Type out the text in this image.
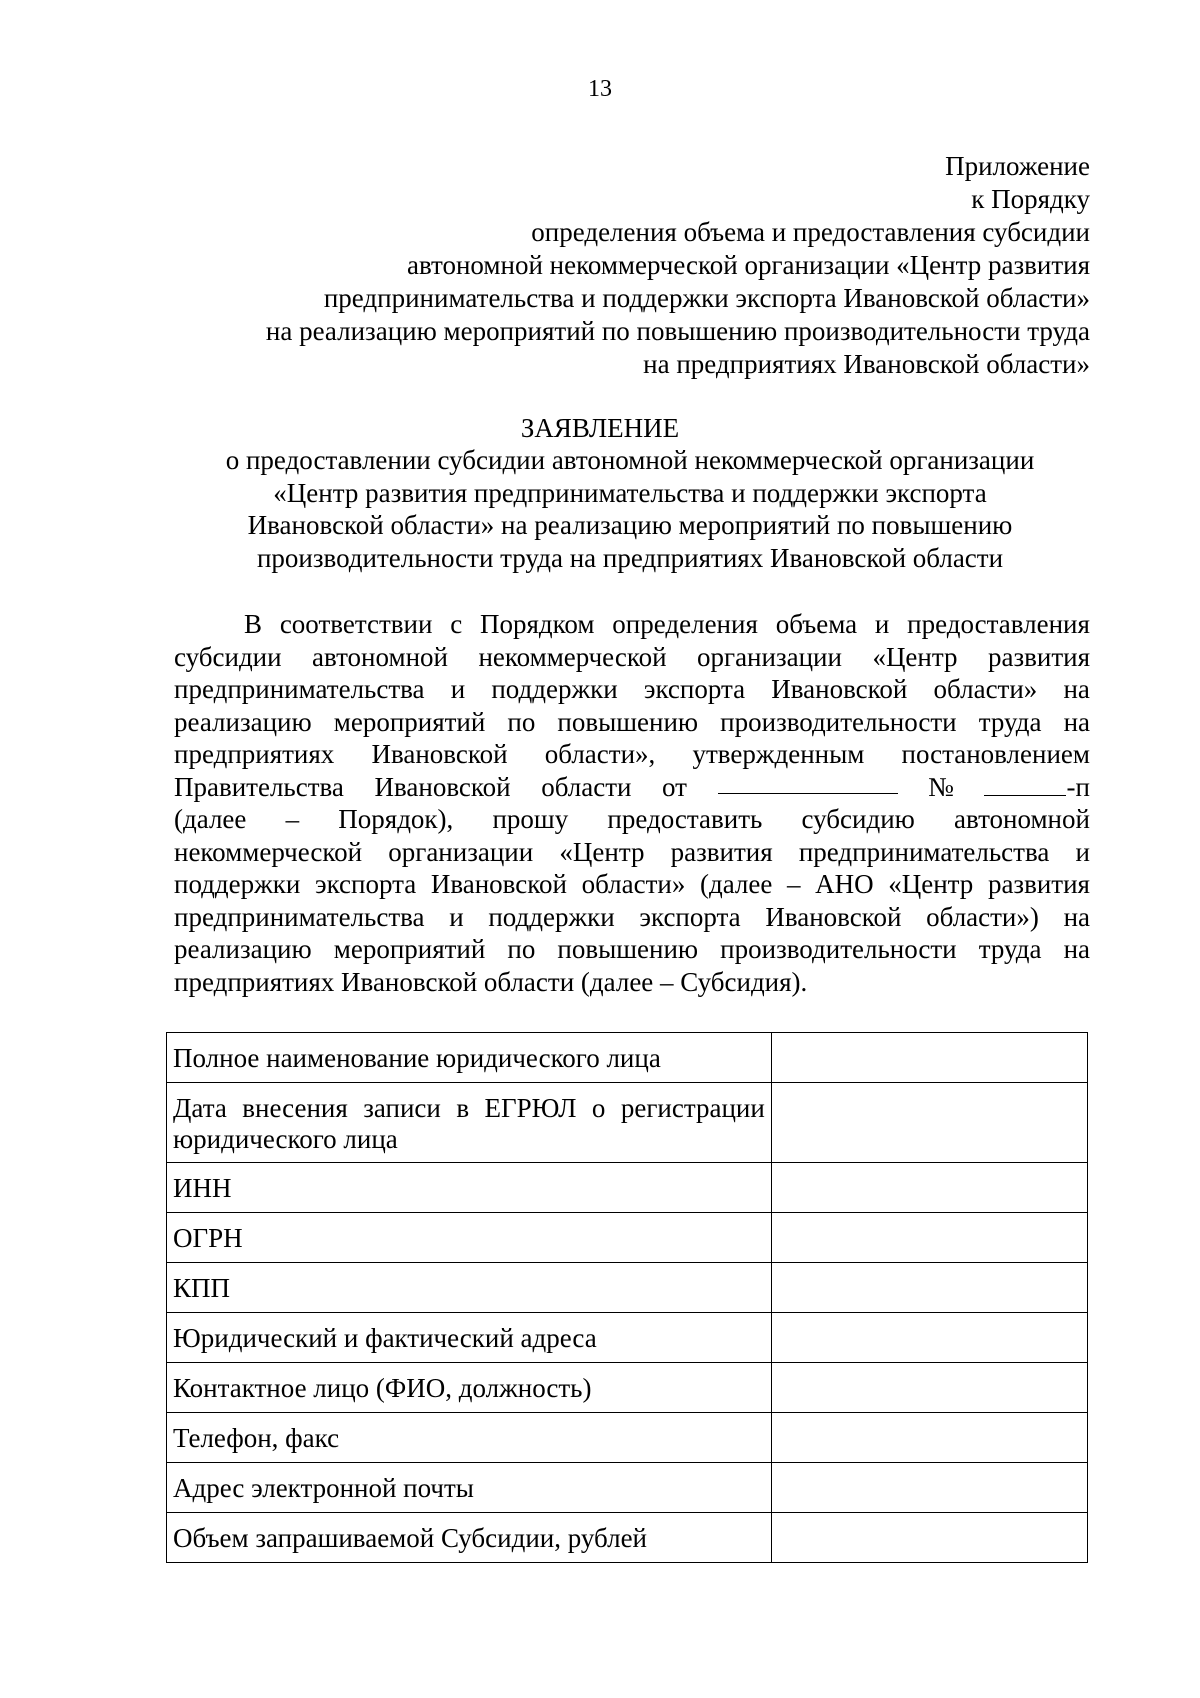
13
Приложение
к Порядку
определения объема и предоставления субсидии
автономной некоммерческой организации «Центр развития
предпринимательства и поддержки экспорта Ивановской области»
на реализацию мероприятий по повышению производительности труда
на предприятиях Ивановской области»
ЗАЯВЛЕНИЕ
о предоставлении субсидии автономной некоммерческой организации
«Центр развития предпринимательства и поддержки экспорта
Ивановской области» на реализацию мероприятий по повышению
производительности труда на предприятиях Ивановской области
В соответствии с Порядком определения объема и предоставления
субсидии автономной некоммерческой организации «Центр развития
предпринимательства и поддержки экспорта Ивановской области» на
реализацию мероприятий по повышению производительности труда на
предприятиях Ивановской области», утвержденным постановлением
Правительства Ивановской области от	№	-п
(далее – Порядок), прошу предоставить субсидию автономной
некоммерческой организации «Центр развития предпринимательства и
поддержки экспорта Ивановской области» (далее – АНО «Центр развития
предпринимательства и поддержки экспорта Ивановской области») на
реализацию мероприятий по повышению производительности труда на
предприятиях Ивановской области (далее – Субсидия).
Полное наименование юридического лица	
Дата внесения записи в ЕГРЮЛ о регистрации юридического лица	
ИНН	
ОГРН	
КПП	
Юридический и фактический адреса	
Контактное лицо (ФИО, должность)	
Телефон, факс	
Адрес электронной почты	
Объем запрашиваемой Субсидии, рублей	
